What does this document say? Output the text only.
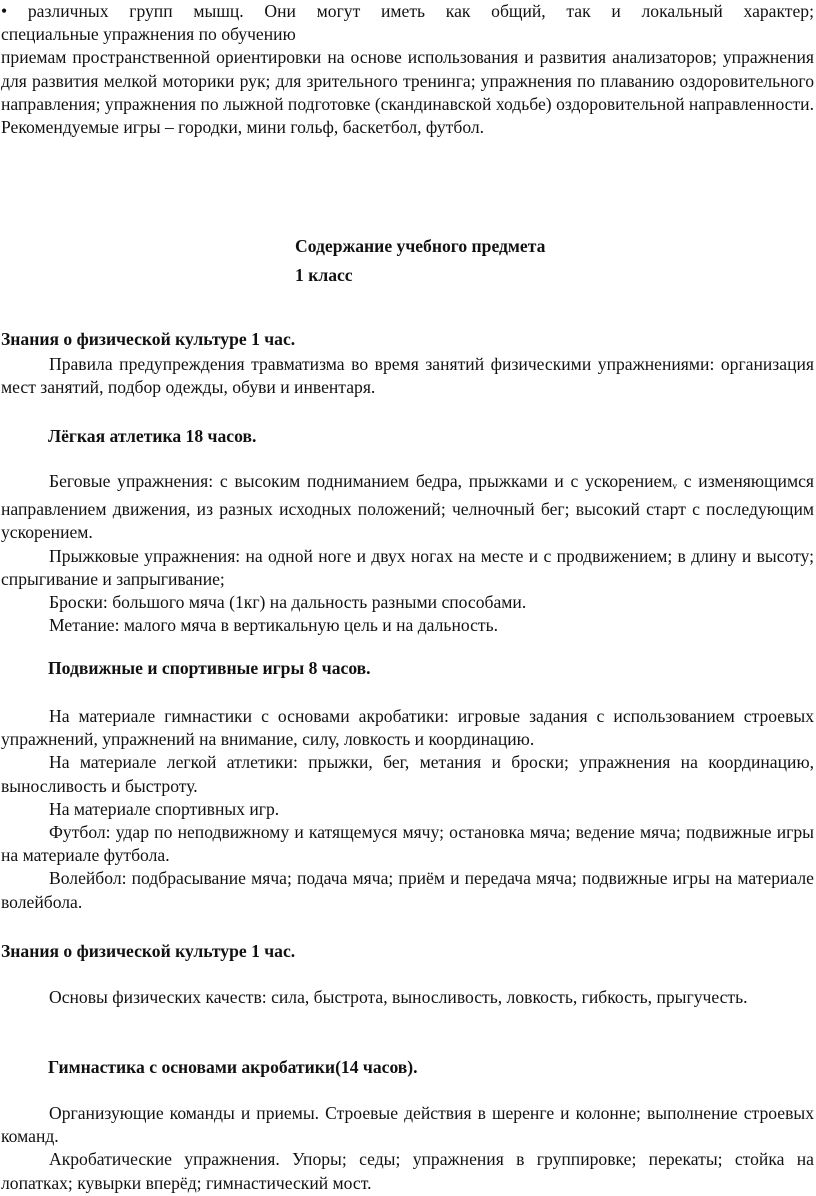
• различных групп мышц. Они могут иметь как общий, так и локальный характер;

специальные упражнения по обучению

приемам пространственной ориентировки на основе использования и развития анализаторов; упражнения для развития мелкой моторики рук; для зрительного тренинга; упражнения по плаванию оздоровительного направления; упражнения по лыжной подготовке (скандинавской ходьбе) оздоровительной направленности. Рекомендуемые игры – городки, мини гольф, баскетбол, футбол.

Содержание учебного предмета
1 класс
Знания о физической культуре 1 час.

Правила предупреждения травматизма во время занятий физическими упражнениями: организация мест занятий, подбор одежды, обуви и инвентаря.

Лёгкая атлетика 18 часов.

Беговые упражнения: с высоким подниманием бедра, прыжками и с ускорением$_v$ с изменяющимся направлением движения, из разных исходных положений; челночный бег; высокий старт с последующим ускорением.

Прыжковые упражнения: на одной ноге и двух ногах на месте и с продвижением; в длину и высоту; спрыгивание и запрыгивание;

Броски: большого мяча (1кг) на дальность разными способами.

Метание: малого мяча в вертикальную цель и на дальность.

Подвижные и спортивные игры 8 часов.

На материале гимнастики с основами акробатики: игровые задания с использованием строевых упражнений, упражнений на внимание, силу, ловкость и координацию.

На материале легкой атлетики: прыжки, бег, метания и броски; упражнения на координацию, выносливость и быстроту.

На материале спортивных игр.

Футбол: удар по неподвижному и катящемуся мячу; остановка мяча; ведение мяча; подвижные игры на материале футбола.

Волейбол: подбрасывание мяча; подача мяча; приём и передача мяча; подвижные игры на материале волейбола.

Знания о физической культуре 1 час.

Основы физических качеств: сила, быстрота, выносливость, ловкость, гибкость, прыгучесть.

Гимнастика с основами акробатики(14 часов).

Организующие команды и приемы. Строевые действия в шеренге и колонне; выполнение строевых команд.

Акробатические упражнения. Упоры; седы; упражнения в группировке; перекаты; стойка на лопатках; кувырки вперёд; гимнастический мост.
